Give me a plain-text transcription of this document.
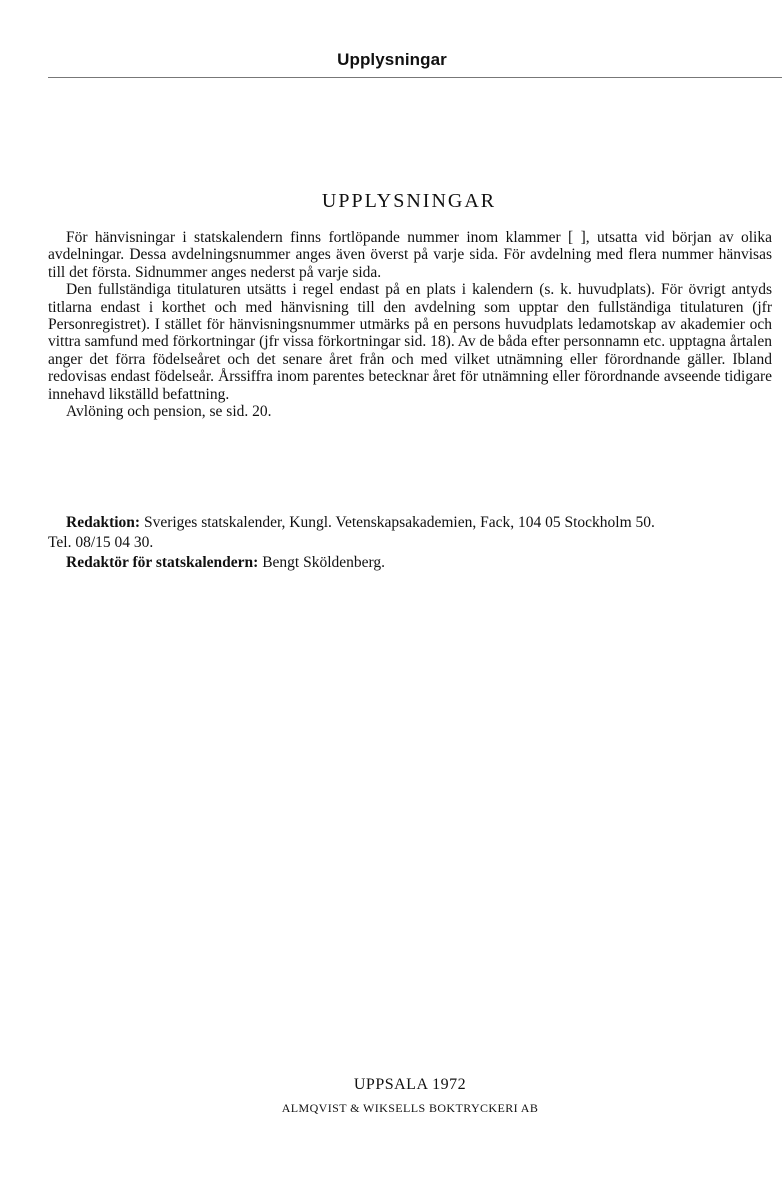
Upplysningar
UPPLYSNINGAR

För hänvisningar i statskalendern finns fortlöpande nummer inom klammer [ ], utsatta vid början av olika avdelningar. Dessa avdelningsnummer anges även överst på varje sida. För avdelning med flera nummer hänvisas till det första. Sidnummer anges nederst på varje sida.

Den fullständiga titulaturen utsätts i regel endast på en plats i kalendern (s. k. huvudplats). För övrigt antyds titlarna endast i korthet och med hänvisning till den avdelning som upptar den fullständiga titulaturen (jfr Personregistret). I stället för hänvisningsnummer utmärks på en persons huvudplats ledamotskap av akademier och vittra samfund med förkortningar (jfr vissa förkortningar sid. 18). Av de båda efter personnamn etc. upptagna årtalen anger det förra födelseåret och det senare året från och med vilket utnämning eller förordnande gäller. Ibland redovisas endast födelseår. Årssiffra inom parentes betecknar året för utnämning eller förordnande avseende tidigare innehavd likställd befattning.

Avlöning och pension, se sid. 20.

Redaktion: Sveriges statskalender, Kungl. Vetenskapsakademien, Fack, 104 05 Stockholm 50.

Tel. 08/15 04 30.

Redaktör för statskalendern: Bengt Sköldenberg.

UPPSALA 1972
ALMQVIST & WIKSELLS BOKTRYCKERI AB
